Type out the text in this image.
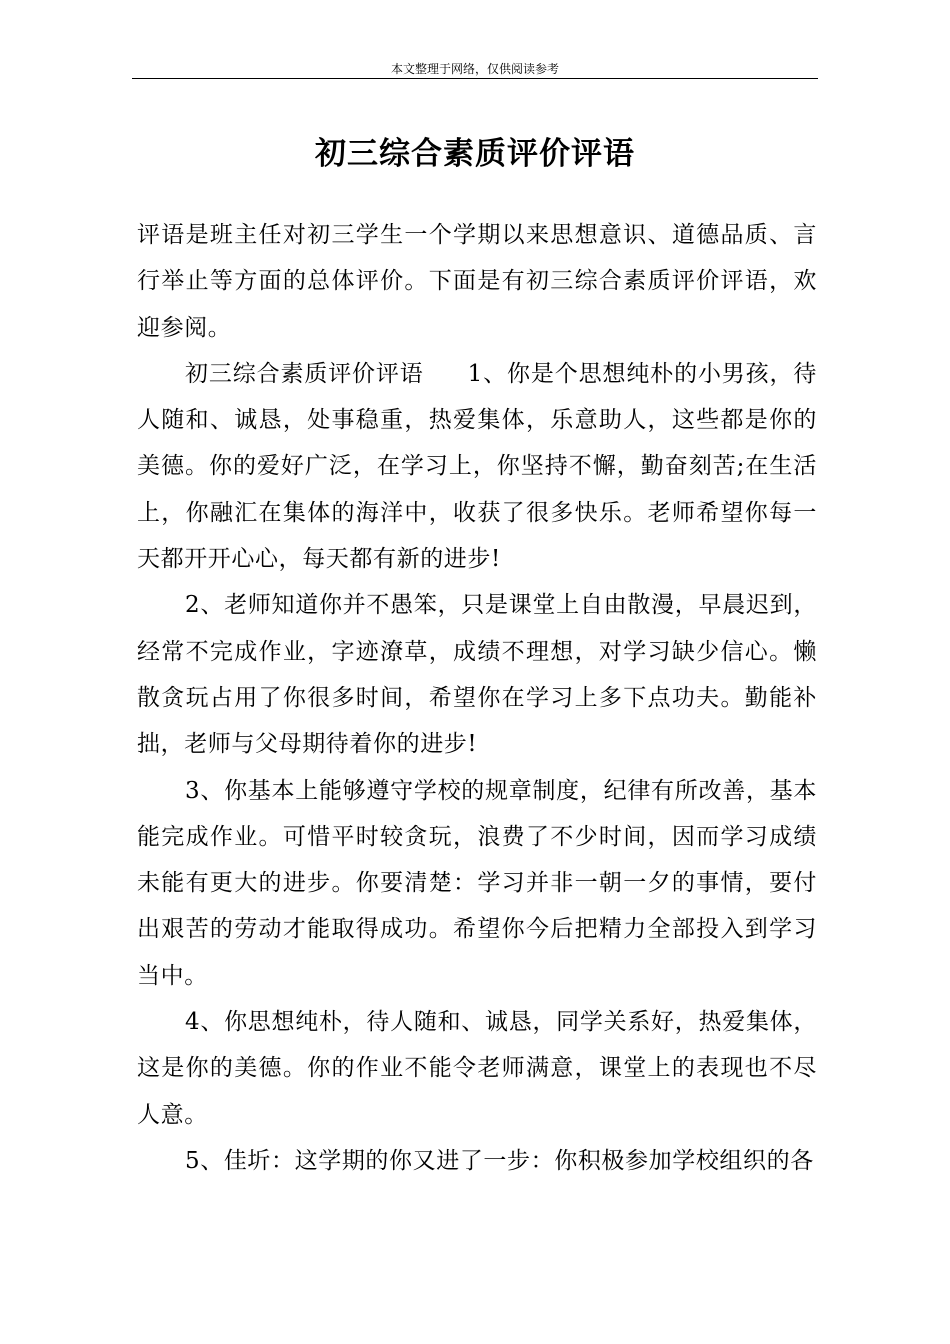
本文整理于网络，仅供阅读参考
初三综合素质评价评语

评语是班主任对初三学生一个学期以来思想意识、道德品质、言行举止等方面的总体评价。下面是有初三综合素质评价评语，欢迎参阅。

初三综合素质评价评语 1、你是个思想纯朴的小男孩，待人随和、诚恳，处事稳重，热爱集体，乐意助人，这些都是你的美德。你的爱好广泛，在学习上，你坚持不懈，勤奋刻苦;在生活上，你融汇在集体的海洋中，收获了很多快乐。老师希望你每一天都开开心心，每天都有新的进步!

2、老师知道你并不愚笨，只是课堂上自由散漫，早晨迟到，经常不完成作业，字迹潦草，成绩不理想，对学习缺少信心。懒散贪玩占用了你很多时间，希望你在学习上多下点功夫。勤能补拙，老师与父母期待着你的进步!

3、你基本上能够遵守学校的规章制度，纪律有所改善，基本能完成作业。可惜平时较贪玩，浪费了不少时间，因而学习成绩未能有更大的进步。你要清楚：学习并非一朝一夕的事情，要付出艰苦的劳动才能取得成功。希望你今后把精力全部投入到学习当中。

4、你思想纯朴，待人随和、诚恳，同学关系好，热爱集体，这是你的美德。你的作业不能令老师满意，课堂上的表现也不尽人意。

5、佳圻：这学期的你又进了一步：你积极参加学校组织的各
